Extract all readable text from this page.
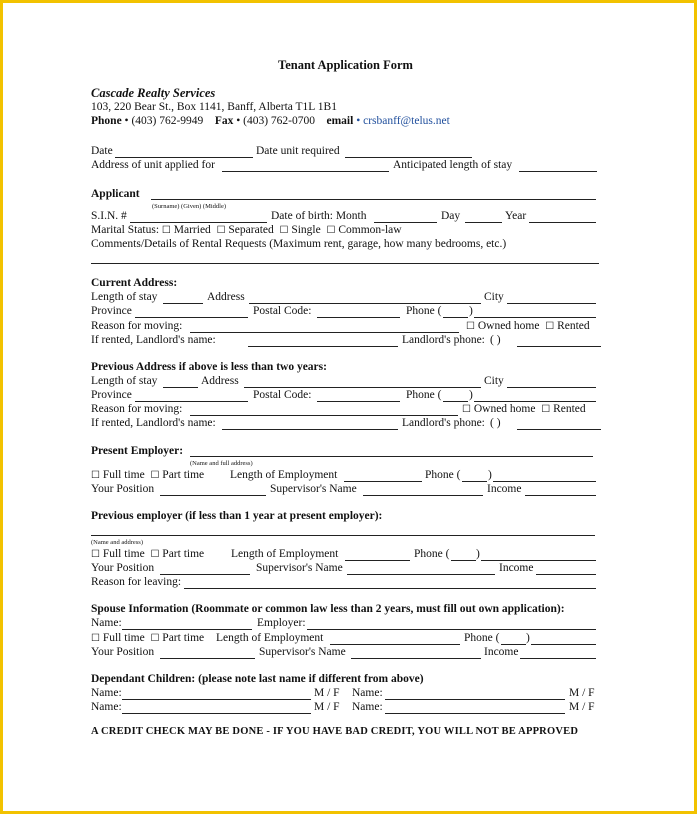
Tenant Application Form
Cascade Realty Services
103, 220 Bear St., Box 1141, Banff, Alberta T1L 1B1
Phone • (403) 762-9949 Fax • (403) 762-0700 email • crsbanff@telus.net
Date	Date unit required
Address of unit applied for	Anticipated length of stay
Applicant
(Surname) (Given) (Middle)
S.I.N. #	Date of birth: Month	Day	Year
Marital Status: ☐ Married ☐ Separated ☐ Single ☐ Common-law
Comments/Details of Rental Requests (Maximum rent, garage, how many bedrooms, etc.)
Current Address:
Length of stay	Address	City
Province	Postal Code:	Phone ( )
Reason for moving:	☐ Owned home ☐ Rented
If rented, Landlord's name:	Landlord's phone: ( )
Previous Address if above is less than two years:
Length of stay	Address	City
Province	Postal Code:	Phone ( )
Reason for moving:	☐ Owned home ☐ Rented
If rented, Landlord's name:	Landlord's phone: ( )
Present Employer:
(Name and full address)
☐ Full time ☐ Part time Length of Employment	Phone ( )
Your Position	Supervisor's Name	Income
Previous employer (if less than 1 year at present employer):
(Name and address)
☐ Full time ☐ Part time Length of Employment	Phone ( )
Your Position	Supervisor's Name	Income
Reason for leaving:
Spouse Information (Roommate or common law less than 2 years, must fill out own application):
Name:	Employer:
☐ Full time ☐ Part time Length of Employment	Phone ( )
Your Position	Supervisor's Name	Income
Dependant Children: (please note last name if different from above)
Name:	M / F Name:	M / F
Name:	M / F Name:	M / F
A CREDIT CHECK MAY BE DONE - IF YOU HAVE BAD CREDIT, YOU WILL NOT BE APPROVED
